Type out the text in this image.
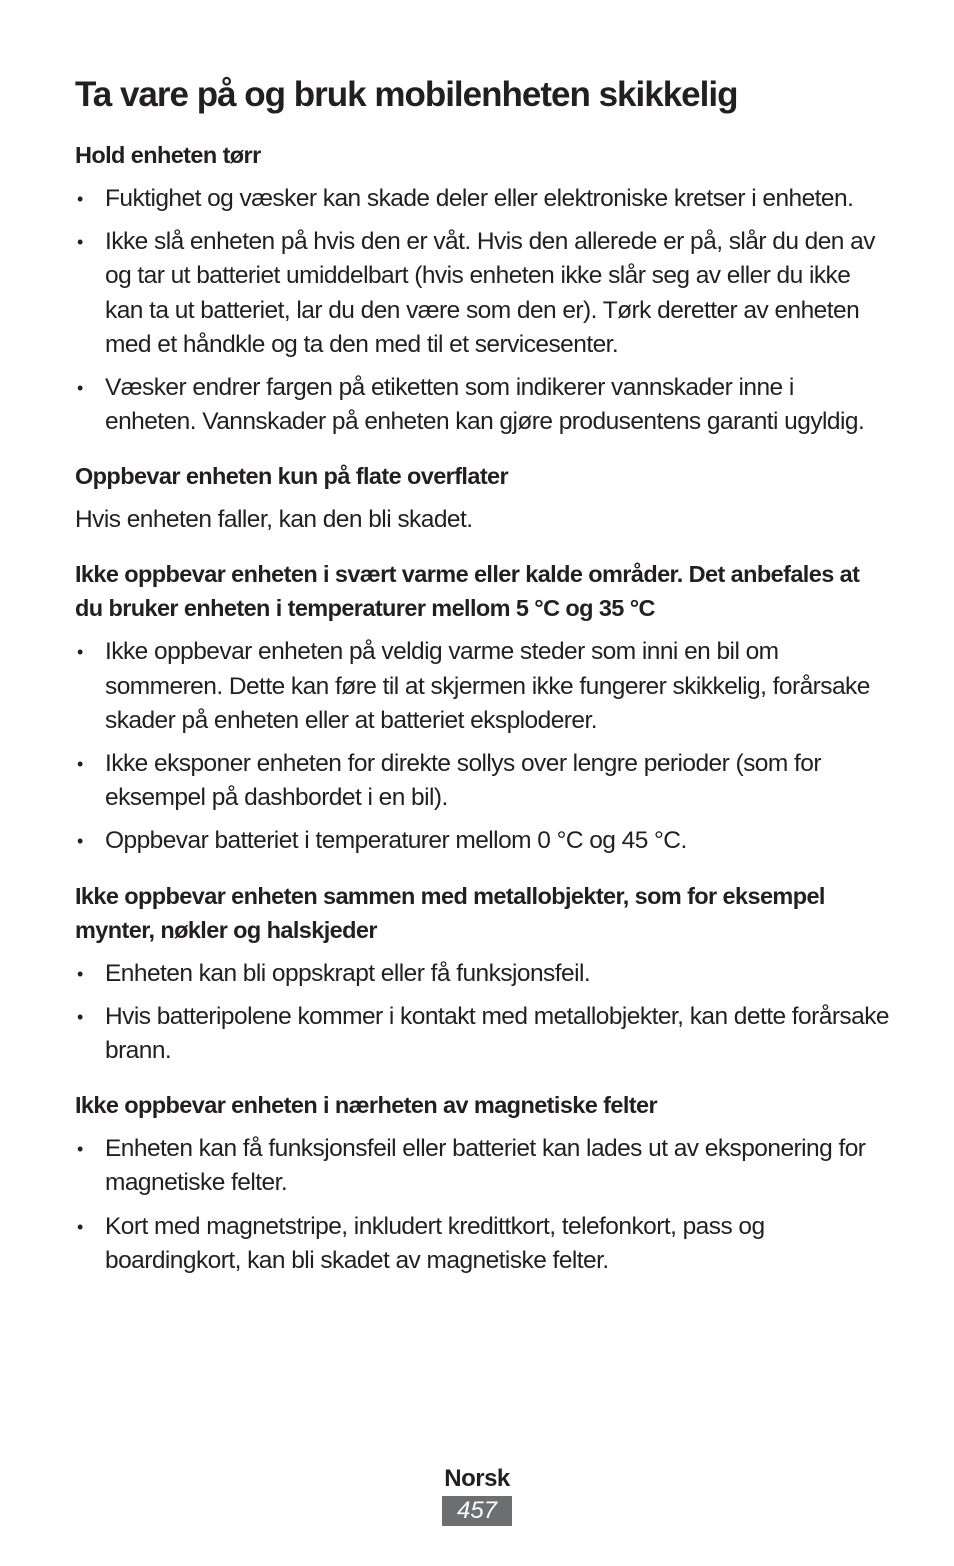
Ta vare på og bruk mobilenheten skikkelig
Hold enheten tørr
• Fuktighet og væsker kan skade deler eller elektroniske kretser i enheten.
• Ikke slå enheten på hvis den er våt. Hvis den allerede er på, slår du den av og tar ut batteriet umiddelbart (hvis enheten ikke slår seg av eller du ikke kan ta ut batteriet, lar du den være som den er). Tørk deretter av enheten med et håndkle og ta den med til et servicesenter.
• Væsker endrer fargen på etiketten som indikerer vannskader inne i enheten. Vannskader på enheten kan gjøre produsentens garanti ugyldig.
Oppbevar enheten kun på flate overflater

Hvis enheten faller, kan den bli skadet.

Ikke oppbevar enheten i svært varme eller kalde områder. Det anbefales at du bruker enheten i temperaturer mellom 5 °C og 35 °C
• Ikke oppbevar enheten på veldig varme steder som inni en bil om sommeren. Dette kan føre til at skjermen ikke fungerer skikkelig, forårsake skader på enheten eller at batteriet eksploderer.
• Ikke eksponer enheten for direkte sollys over lengre perioder (som for eksempel på dashbordet i en bil).
• Oppbevar batteriet i temperaturer mellom 0 °C og 45 °C.
Ikke oppbevar enheten sammen med metallobjekter, som for eksempel mynter, nøkler og halskjeder
• Enheten kan bli oppskrapt eller få funksjonsfeil.
• Hvis batteripolene kommer i kontakt med metallobjekter, kan dette forårsake brann.
Ikke oppbevar enheten i nærheten av magnetiske felter
• Enheten kan få funksjonsfeil eller batteriet kan lades ut av eksponering for magnetiske felter.
• Kort med magnetstripe, inkludert kredittkort, telefonkort, pass og boardingkort, kan bli skadet av magnetiske felter.
Norsk
457
